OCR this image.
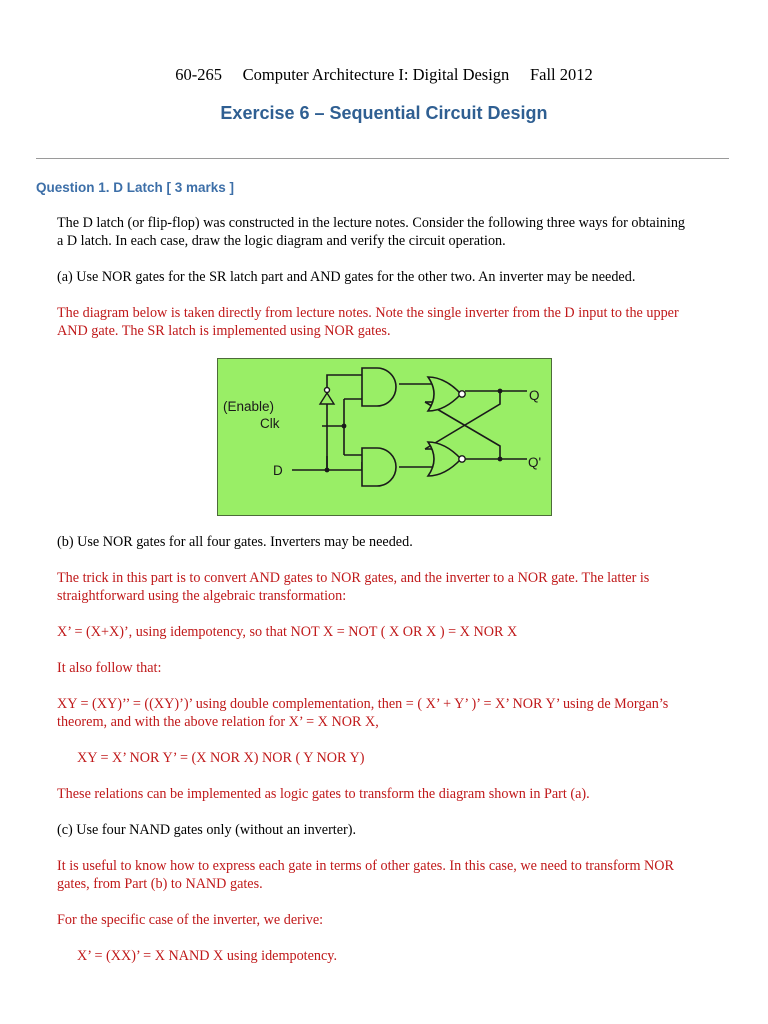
60-265 Computer Architecture I: Digital Design Fall 2012
Exercise 6 – Sequential Circuit Design
Question 1. D Latch [ 3 marks ]
The D latch (or flip-flop) was constructed in the lecture notes. Consider the following three ways for obtaining
a D latch. In each case, draw the logic diagram and verify the circuit operation.
(a) Use NOR gates for the SR latch part and AND gates for the other two. An inverter may be needed.
The diagram below is taken directly from lecture notes. Note the single inverter from the D input to the upper
AND gate. The SR latch is implemented using NOR gates.
(Enable)
Clk
D
Q
Q'
(b) Use NOR gates for all four gates. Inverters may be needed.
The trick in this part is to convert AND gates to NOR gates, and the inverter to a NOR gate. The latter is
straightforward using the algebraic transformation:
X’ = (X+X)’, using idempotency, so that NOT X = NOT ( X OR X ) = X NOR X
It also follow that:
XY = (XY)’’ = ((XY)’)’ using double complementation, then = ( X’ + Y’ )’ = X’ NOR Y’ using de Morgan’s
theorem, and with the above relation for X’ = X NOR X,
XY = X’ NOR Y’ = (X NOR X) NOR ( Y NOR Y)
These relations can be implemented as logic gates to transform the diagram shown in Part (a).
(c) Use four NAND gates only (without an inverter).
It is useful to know how to express each gate in terms of other gates. In this case, we need to transform NOR
gates, from Part (b) to NAND gates.
For the specific case of the inverter, we derive:
X’ = (XX)’ = X NAND X using idempotency.
